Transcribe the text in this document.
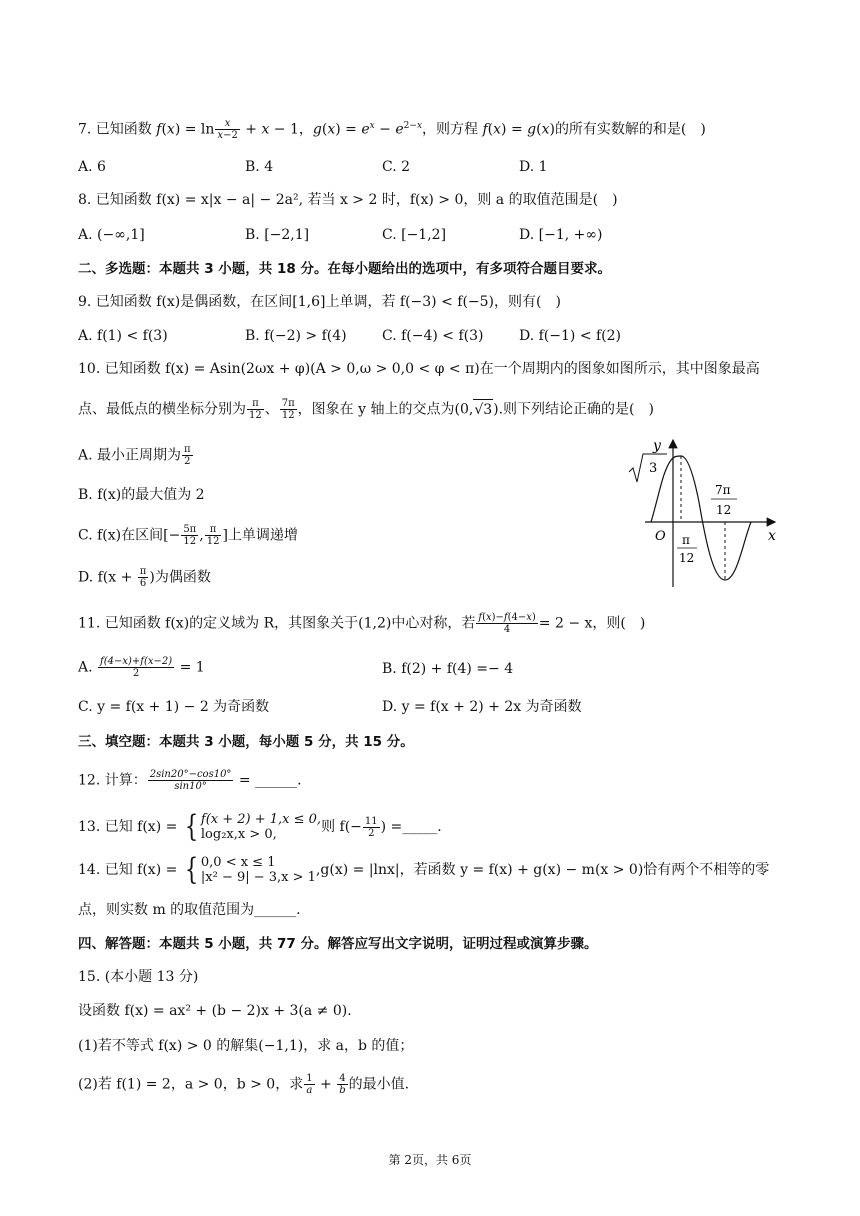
7. 已知函数 $f(x) = \ln \frac{x}{x-2} + x - 1$，$g(x) = e^x - e^{2-x}$，则方程 f(x) = g(x)的所有实数解的和是(　)
A. 6	B. 4	C. 2	D. 1
8. 已知函数 f(x) = x|x − a| − 2a², 若当 x > 2 时，f(x) > 0，则 a 的取值范围是(　)
A. (−∞,1]	B. [−2,1]	C. [−1,2]	D. [−1, +∞)
二、多选题：本题共 3 小题，共 18 分。在每小题给出的选项中，有多项符合题目要求。
9. 已知函数 f(x)是偶函数，在区间[1,6]上单调，若 f(−3) < f(−5)，则有(　)
A. f(1) < f(3)	B. f(−2) > f(4)	C. f(−4) < f(3)	D. f(−1) < f(2)
10. 已知函数 f(x) = Asin(2ωx + φ)(A > 0,ω > 0,0 < φ < π)在一个周期内的图象如图所示，其中图象最高
点、最低点的横坐标分别为 $\frac{\pi}{12}$ 、 $\frac{7\pi}{12}$ ，图象在 y 轴上的交点为(0,√3).则下列结论正确的是(　)
A. 最小正周期为 $\frac{\pi}{2}$
B. f(x)的最大值为 2
C. f(x)在区间[− $\frac{5\pi}{12}$ , $\frac{\pi}{12}$ ]上单调递增
D. $f(x + \frac{\pi}{6}$ )为偶函数
y
x
O
3
π
12
7π
12
11. 已知函数 f(x)的定义域为 R，其图象关于(1,2)中心对称，若 $\frac{f(x)-f(4-x)}{4} = 2 - x$，则(　)
A. $\frac{f(4-x)+f(x-2)}{2} = 1$	B. f(2) + f(4) =− 4
C. y = f(x + 1) − 2 为奇函数	D. y = f(x + 2) + 2x 为奇函数
三、填空题：本题共 3 小题，每小题 5 分，共 15 分。
12. 计算： $\frac{2\sin 20^\circ-\cos 10^\circ}{\sin 10^\circ}$ = ______.
13. 已知 f(x) = { f(x + 2) + 1,x ≤ 0,
log₂x,x > 0,	则 $f(- \frac{11}{2}$ ) =_____.
14. 已知 f(x) = { 0,0 < x ≤ 1
|x² − 9| − 3,x > 1 ,g(x) = |lnx|，若函数 y = f(x) + g(x) − m(x > 0)恰有两个不相等的零
点，则实数 m 的取值范围为______.
四、解答题：本题共 5 小题，共 77 分。解答应写出文字说明，证明过程或演算步骤。
15. (本小题 13 分)
设函数 f(x) = ax² + (b − 2)x + 3(a ≠ 0).
(1)若不等式 f(x) > 0 的解集(−1,1)，求 a，b 的值；
(2)若 f(1) = 2，a > 0，b > 0，求 $\frac{1}{a} + \frac{4}{b}$ 的最小值.
第 2页，共 6页
